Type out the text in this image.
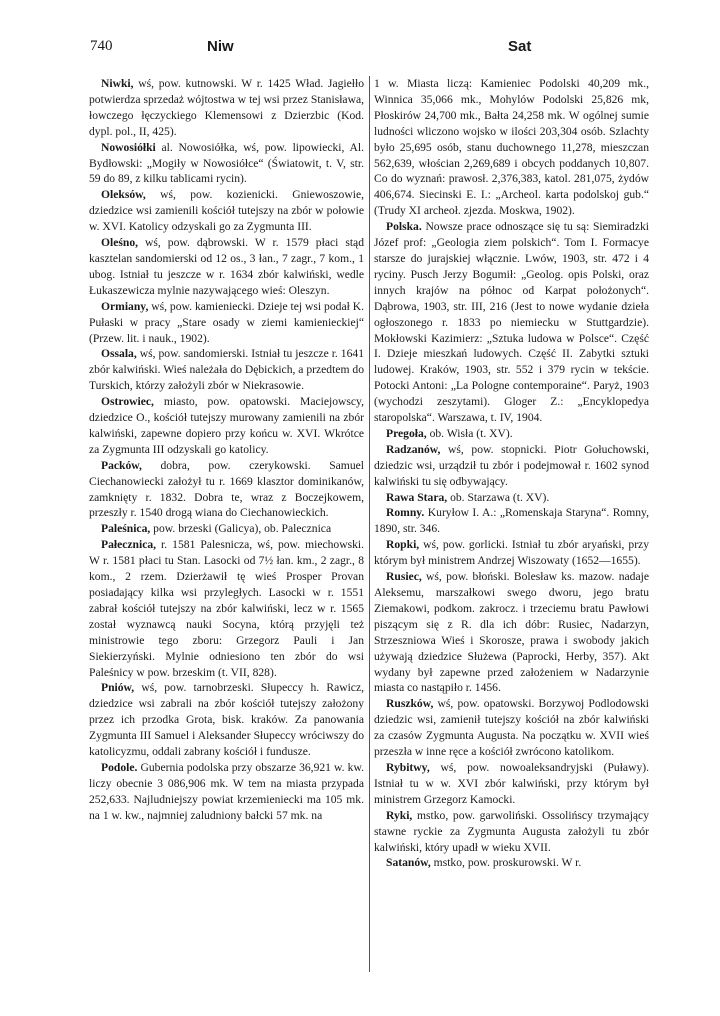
740	Niw	Sat

Niwki, wś, pow. kutnowski. W r. 1425 Wład. Jagiełło potwierdza sprzedaż wójtostwa w tej wsi przez Stanisława, łowczego łęczyckiego Klemensowi z Dzierzbic (Kod. dypl. pol., II, 425).

Nowosiółki al. Nowosiółka, wś, pow. lipowiecki, Al. Bydłowski: „Mogiły w Nowosiółce“ (Światowit, t. V, str. 59 do 89, z kilku tablicami rycin).

Oleksów, wś, pow. kozienicki. Gniewoszowie, dziedzice wsi zamienili kościół tutejszy na zbór w połowie w. XVI. Katolicy odzyskali go za Zygmunta III.

Oleśno, wś, pow. dąbrowski. W r. 1579 płaci stąd kasztelan sandomierski od 12 os., 3 łan., 7 zagr., 7 kom., 1 ubog. Istniał tu jeszcze w r. 1634 zbór kalwiński, wedle Łukaszewicza mylnie nazywającego wieś: Oleszyn.

Ormiany, wś, pow. kamieniecki. Dzieje tej wsi podał K. Pułaski w pracy „Stare osady w ziemi kamienieckiej“ (Przew. lit. i nauk., 1902).

Ossala, wś, pow. sandomierski. Istniał tu jeszcze r. 1641 zbór kalwiński. Wieś należała do Dębickich, a przedtem do Turskich, którzy założyli zbór w Niekrasowie.

Ostrowiec, miasto, pow. opatowski. Maciejowscy, dziedzice O., kościół tutejszy murowany zamienili na zbór kalwiński, zapewne dopiero przy końcu w. XVI. Wkrótce za Zygmunta III odzyskali go katolicy.

Packów, dobra, pow. czerykowski. Samuel Ciechanowiecki założył tu r. 1669 klasztor dominikanów, zamknięty r. 1832. Dobra te, wraz z Boczejkowem, przeszły r. 1540 drogą wiana do Ciechanowieckich.

Paleśnica, pow. brzeski (Galicya), ob. Palecznica

Pałecznica, r. 1581 Palesnicza, wś, pow. miechowski. W r. 1581 płaci tu Stan. Lasocki od 7½ łan. km., 2 zagr., 8 kom., 2 rzem. Dzierżawił tę wieś Prosper Provan posiadający kilka wsi przyległych. Lasocki w r. 1551 zabrał kościół tutejszy na zbór kalwiński, lecz w r. 1565 został wyznawcą nauki Socyna, którą przyjęli też ministrowie tego zboru: Grzegorz Pauli i Jan Siekierzyński. Mylnie odniesiono ten zbór do wsi Paleśnicy w pow. brzeskim (t. VII, 828).

Pniów, wś, pow. tarnobrzeski. Słupeccy h. Rawicz, dziedzice wsi zabrali na zbór kościół tutejszy założony przez ich przodka Grota, bisk. kraków. Za panowania Zygmunta III Samuel i Aleksander Słupeccy wróciwszy do katolicyzmu, oddali zabrany kościół i fundusze.

Podole. Gubernia podolska przy obszarze 36,921 w. kw. liczy obecnie 3 086,906 mk. W tem na miasta przypada 252,633. Najludniejszy powiat krzemieniecki ma 105 mk. na 1 w. kw., najmniej zaludniony bałcki 57 mk. na

1 w. Miasta liczą: Kamieniec Podolski 40,209 mk., Winnica 35,066 mk., Mohylów Podolski 25,826 mk, Płoskirów 24,700 mk., Bałta 24,258 mk. W ogólnej sumie ludności wliczono wojsko w ilości 203,304 osób. Szlachty było 25,695 osób, stanu duchownego 11,278, mieszczan 562,639, włościan 2,269,689 i obcych poddanych 10,807. Co do wyznań: prawosł. 2,376,383, katol. 281,075, żydów 406,674. Siecinski E. I.: „Archeol. karta podolskoj gub.“ (Trudy XI archeoł. zjezda. Moskwa, 1902).

Polska. Nowsze prace odnoszące się tu są: Siemiradzki Józef prof: „Geologia ziem polskich“. Tom I. Formacye starsze do jurajskiej włącznie. Lwów, 1903, str. 472 i 4 ryciny. Pusch Jerzy Bogumił: „Geolog. opis Polski, oraz innych krajów na północ od Karpat położonych“. Dąbrowa, 1903, str. III, 216 (Jest to nowe wydanie dzieła ogłoszonego r. 1833 po niemiecku w Stuttgardzie). Mokłowski Kazimierz: „Sztuka ludowa w Polsce“. Część I. Dzieje mieszkań ludowych. Część II. Zabytki sztuki ludowej. Kraków, 1903, str. 552 i 379 rycin w tekście. Potocki Antoni: „La Pologne contemporaine“. Paryż, 1903 (wychodzi zeszytami). Gloger Z.: „Encyklopedya staropolska“. Warszawa, t. IV, 1904.

Pregoła, ob. Wisła (t. XV).

Radzanów, wś, pow. stopnicki. Piotr Gołuchowski, dziedzic wsi, urządził tu zbór i podejmował r. 1602 synod kalwiński tu się odbywający.

Rawa Stara, ob. Starzawa (t. XV).

Romny. Kuryłow I. A.: „Romenskaja Staryna“. Romny, 1890, str. 346.

Ropki, wś, pow. gorlicki. Istniał tu zbór aryański, przy którym był ministrem Andrzej Wiszowaty (1652—1655).

Rusiec, wś, pow. błoński. Bolesław ks. mazow. nadaje Aleksemu, marszałkowi swego dworu, jego bratu Ziemakowi, podkom. zakrocz. i trzeciemu bratu Pawłowi piszącym się z R. dla ich dóbr: Rusiec, Nadarzyn, Strzeszniowa Wieś i Skorosze, prawa i swobody jakich używają dziedzice Służewa (Paprocki, Herby, 357). Akt wydany był zapewne przed założeniem w Nadarzynie miasta co nastąpiło r. 1456.

Ruszków, wś, pow. opatowski. Borzywoj Podlodowski dziedzic wsi, zamienił tutejszy kościół na zbór kalwiński za czasów Zygmunta Augusta. Na początku w. XVII wieś przeszła w inne ręce a kościół zwrócono katolikom.

Rybitwy, wś, pow. nowoaleksandryjski (Puławy). Istniał tu w w. XVI zbór kalwiński, przy którym był ministrem Grzegorz Kamocki.

Ryki, mstko, pow. garwoliński. Ossolińscy trzymający stawne ryckie za Zygmunta Augusta założyli tu zbór kalwiński, który upadł w wieku XVII.

Satanów, mstko, pow. proskurowski. W r.
